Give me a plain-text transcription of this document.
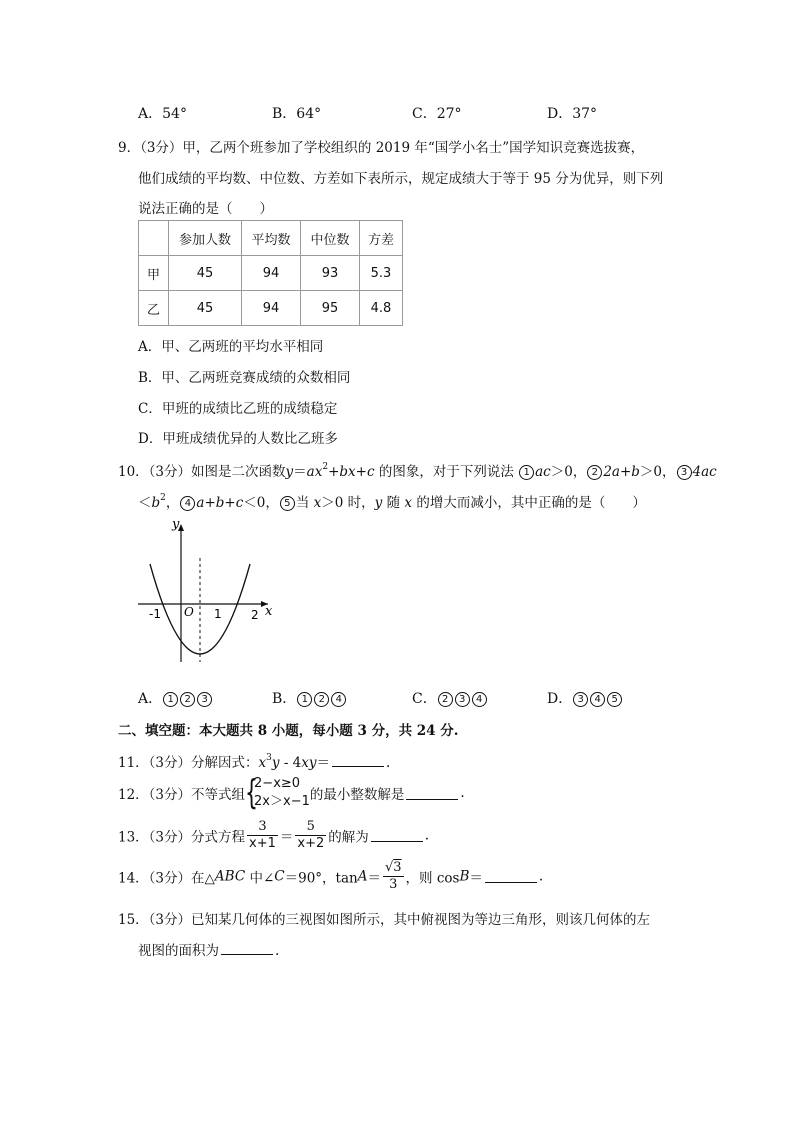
A．54°	B．64°	C．27°	D．37°
9．（3分）甲，乙两个班参加了学校组织的 2019 年“国学小名士”国学知识竞赛选拔赛，
他们成绩的平均数、中位数、方差如下表所示，规定成绩大于等于 95 分为优异，则下列
说法正确的是（　　）
	参加人数	平均数	中位数	方差
甲	45	94	93	5.3
乙	45	94	95	4.8
A．甲、乙两班的平均水平相同
B．甲、乙两班竞赛成绩的众数相同
C．甲班的成绩比乙班的成绩稳定
D．甲班成绩优异的人数比乙班多
10．（3分）如图是二次函数$y=ax^2+bx+c$ 的图象，对于下列说法 1 ac＞0， 2 2a+b＞0， 3 4ac
$<b^2$， 4 a+b+c＜0， 5 当 x＞0 时，y 随 x 的增大而减小，其中正确的是（　　）
x
y
O
-1	1 2
A． 1 2 3	B． 1 2 4	C． 2 3 4	D． 3 4 5
二、填空题：本大题共 8 小题，每小题 3 分，共 24 分.
11．（3分）分解因式：$x^3y - 4xy=$	.
12．（3分）不等式组 {
2−x≥0
2x＞x−1 的最小整数解是	.
13．（3分）分式方程 $\frac{3}{x+1} = \frac{5}{x+2}$ 的解为	.
14．（3分）在△ABC 中∠C＝90°，$\tan A= \frac{√3}{3}$ ，则 cosB＝	.
15．（3分）已知某几何体的三视图如图所示，其中俯视图为等边三角形，则该几何体的左
视图的面积为	.
